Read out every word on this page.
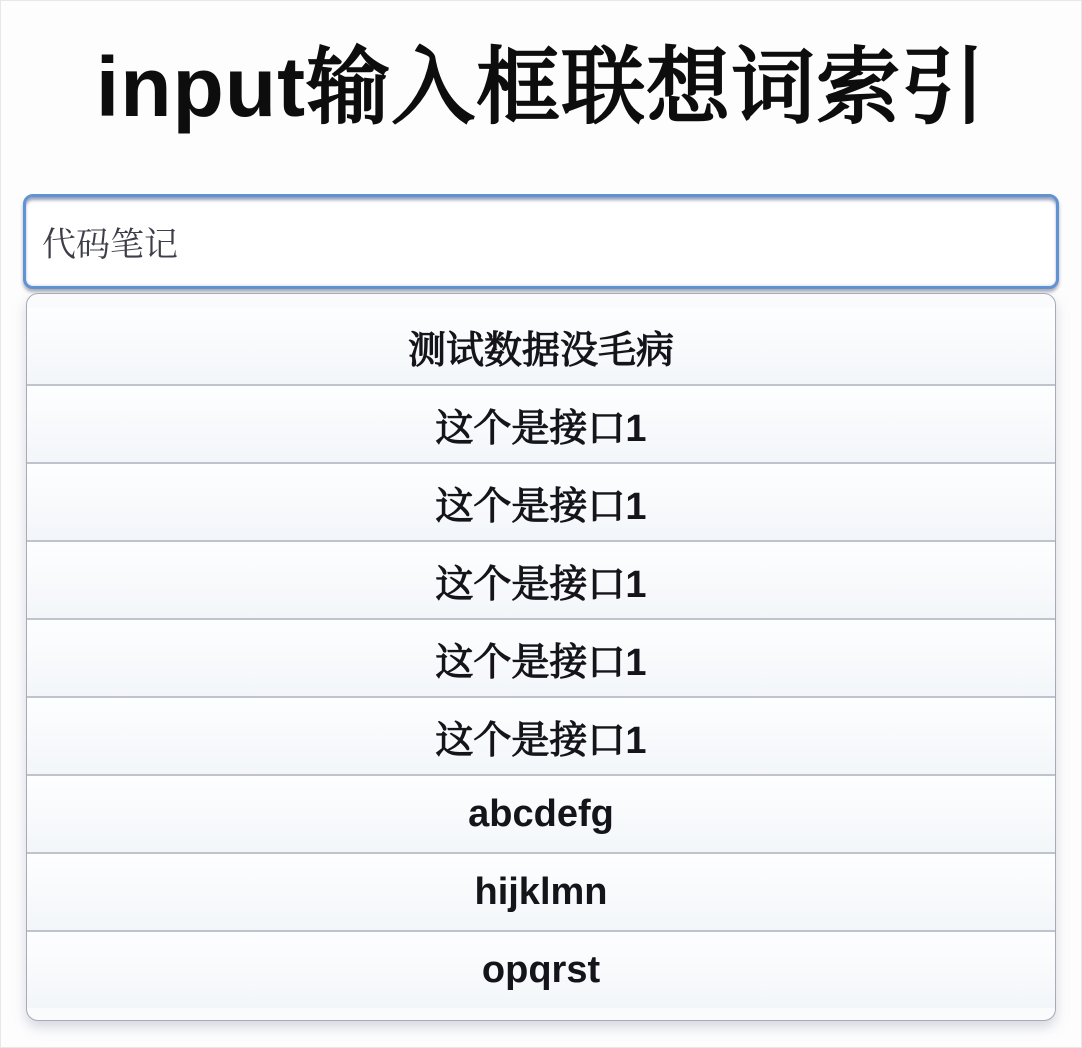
input输入框联想词索引
代码笔记
测试数据没毛病
这个是接口1
这个是接口1
这个是接口1
这个是接口1
这个是接口1
abcdefg
hijklmn
opqrst
